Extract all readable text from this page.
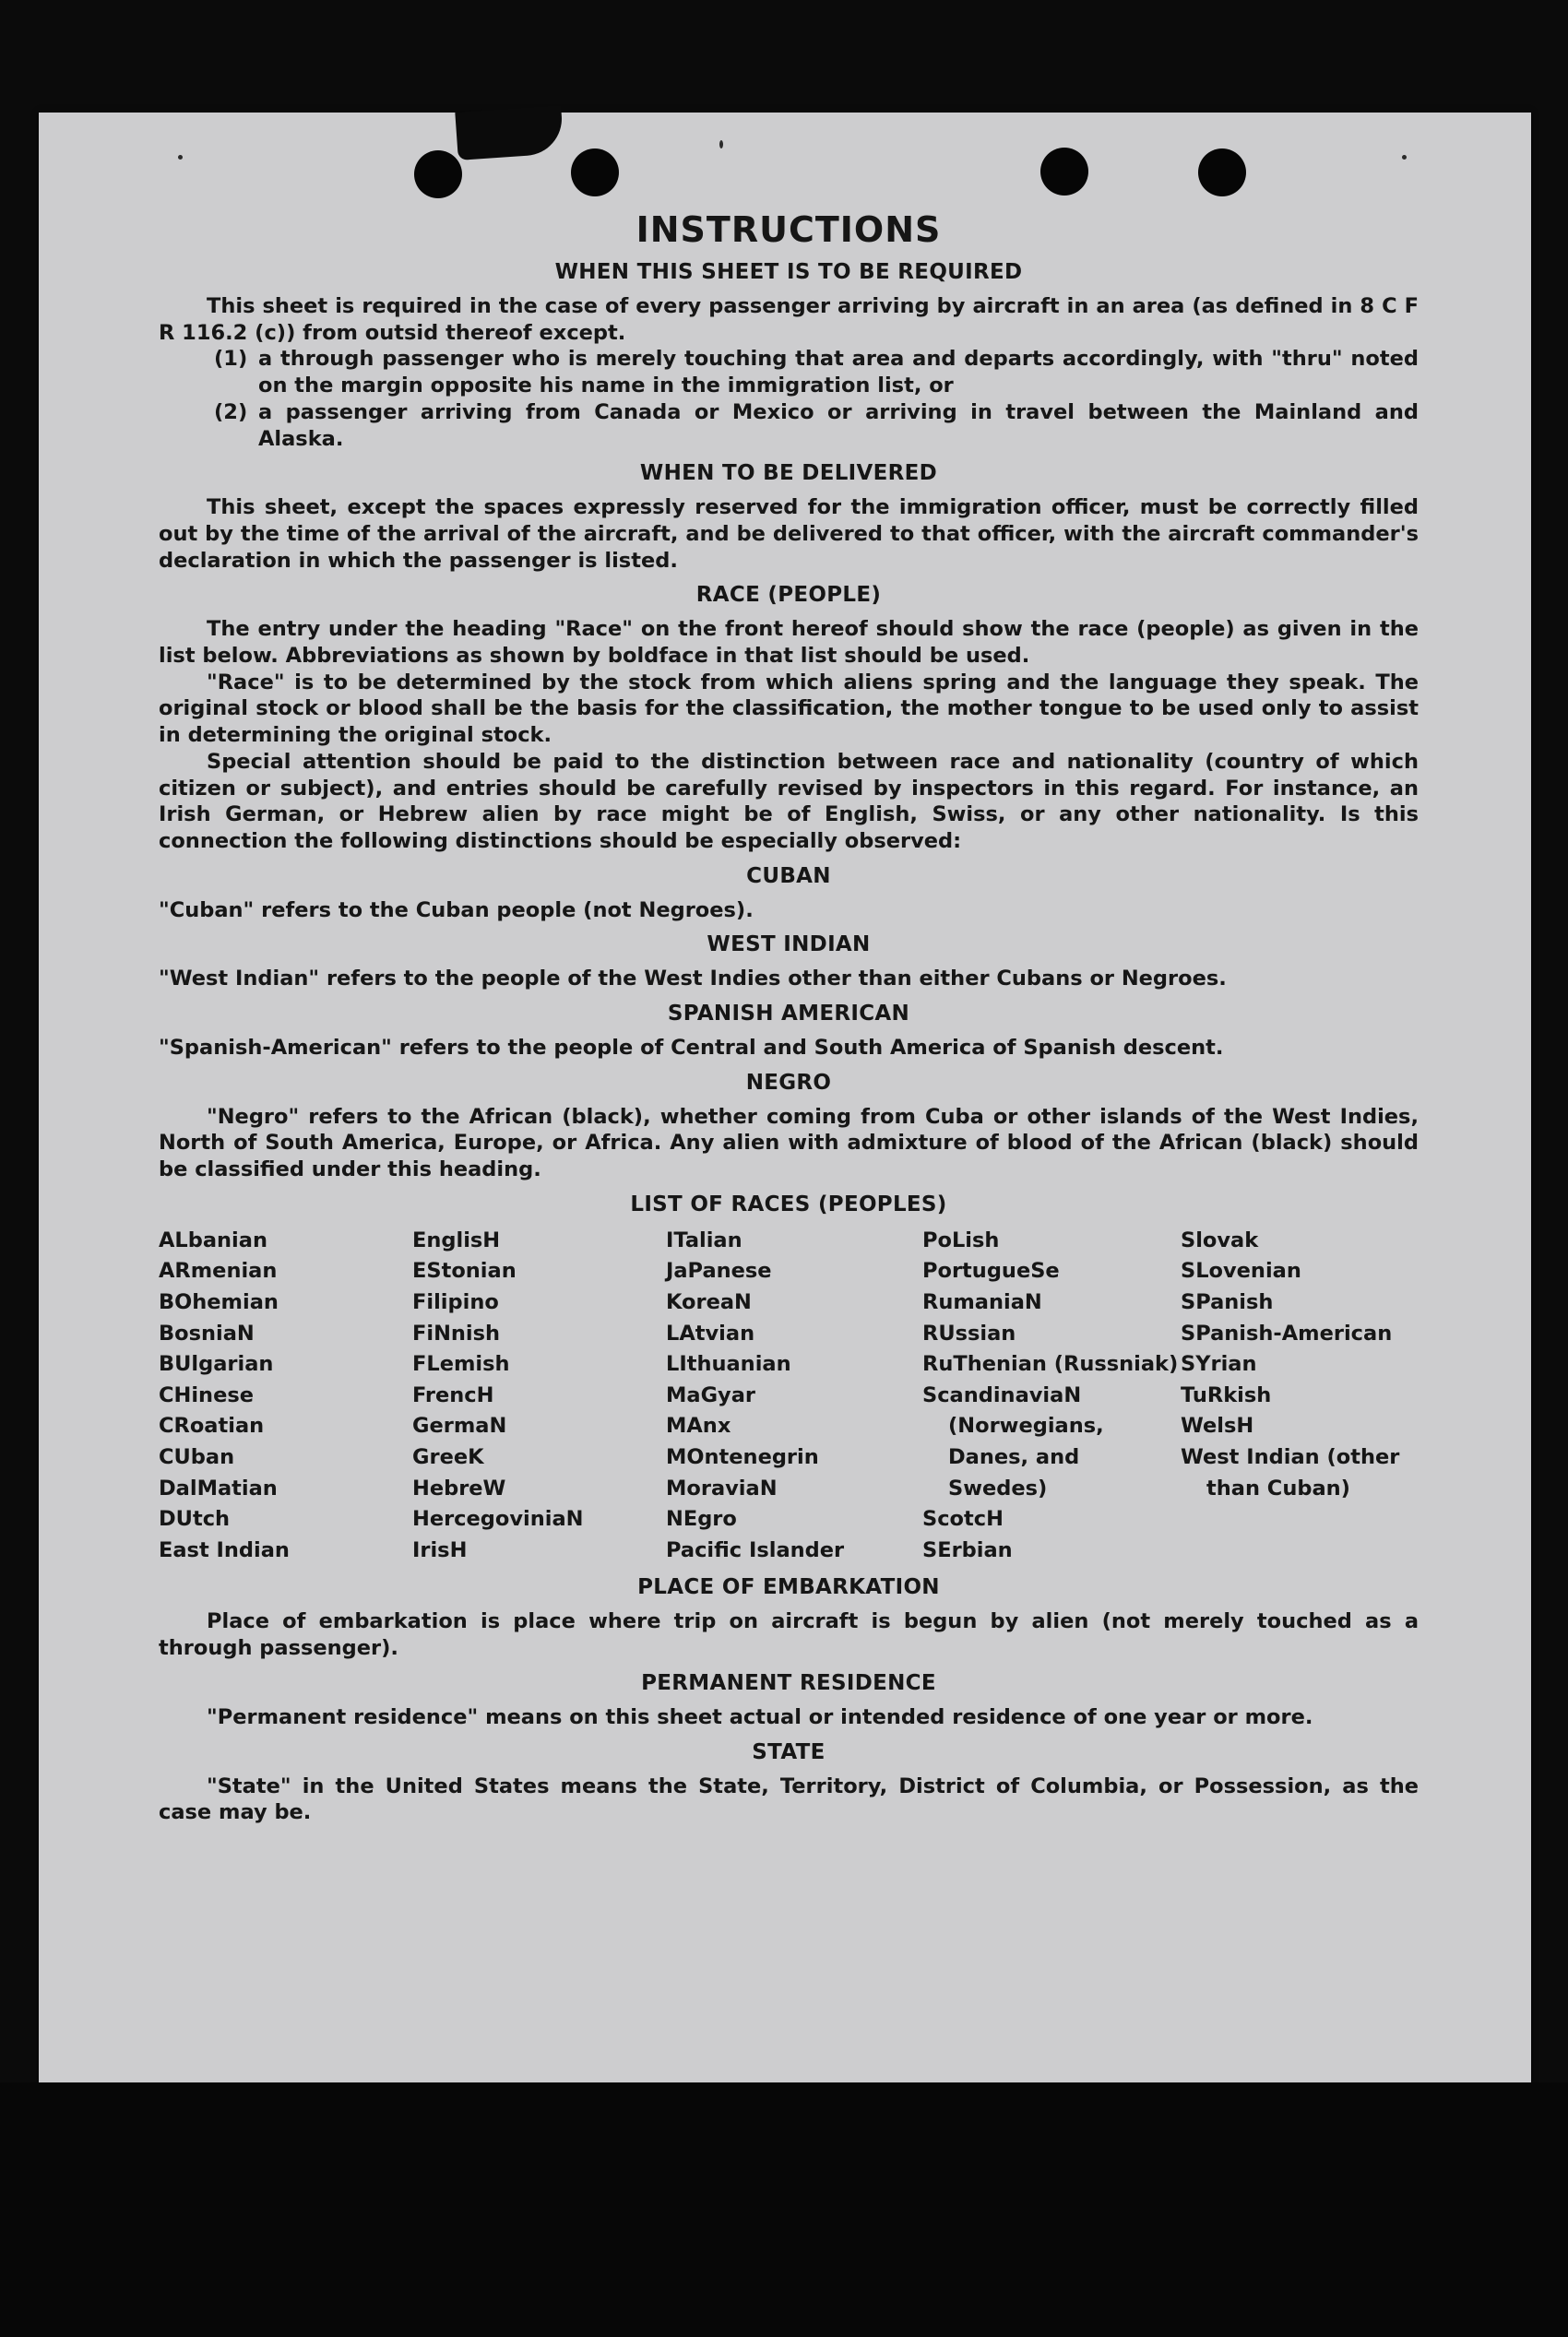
INSTRUCTIONS
WHEN THIS SHEET IS TO BE REQUIRED

This sheet is required in the case of every passenger arriving by aircraft in an area (as defined in 8 C F R 116.2 (c)) from outsid thereof except.

(1) a through passenger who is merely touching that area and departs accordingly, with "thru" noted on the margin opposite his name in the immigration list, or
(2) a passenger arriving from Canada or Mexico or arriving in travel between the Mainland and Alaska.
WHEN TO BE DELIVERED

This sheet, except the spaces expressly reserved for the immigration officer, must be correctly filled out by the time of the arrival of the aircraft, and be delivered to that officer, with the aircraft commander's declaration in which the passenger is listed.

RACE (PEOPLE)

The entry under the heading "Race" on the front hereof should show the race (people) as given in the list below. Abbreviations as shown by boldface in that list should be used.

"Race" is to be determined by the stock from which aliens spring and the language they speak. The original stock or blood shall be the basis for the classification, the mother tongue to be used only to assist in determining the original stock.

Special attention should be paid to the distinction between race and nationality (country of which citizen or subject), and entries should be carefully revised by inspectors in this regard. For instance, an Irish German, or Hebrew alien by race might be of English, Swiss, or any other nationality. Is this connection the following distinctions should be especially observed:

CUBAN

"Cuban" refers to the Cuban people (not Negroes).

WEST INDIAN

"West Indian" refers to the people of the West Indies other than either Cubans or Negroes.

SPANISH AMERICAN

"Spanish-American" refers to the people of Central and South America of Spanish descent.

NEGRO

"Negro" refers to the African (black), whether coming from Cuba or other islands of the West Indies, North of South America, Europe, or Africa. Any alien with admixture of blood of the African (black) should be classified under this heading.

LIST OF RACES (PEOPLES)
ALbanian
ARmenian
BOhemian
BosniaN
BUlgarian
CHinese
CRoatian
CUban
DalMatian
DUtch
East Indian
EnglisH
EStonian
Filipino
FiNnish
FLemish
FrencH
GermaN
GreeK
HebreW
HercegoviniaN
IrisH
ITalian
JaPanese
KoreaN
LAtvian
LIthuanian
MaGyar
MAnx
MOntenegrin
MoraviaN
NEgro
Pacific Islander
PoLish
PortugueSe
RumaniaN
RUssian
RuThenian (Russniak)
ScandinaviaN (Norwegians, Danes, and Swedes)
ScotcH
SErbian
Slovak
SLovenian
SPanish
SPanish-American
SYrian
TuRkish
WelsH
West Indian (other than Cuban)
PLACE OF EMBARKATION

Place of embarkation is place where trip on aircraft is begun by alien (not merely touched as a through passenger).

PERMANENT RESIDENCE

"Permanent residence" means on this sheet actual or intended residence of one year or more.

STATE

"State" in the United States means the State, Territory, District of Columbia, or Possession, as the case may be.
